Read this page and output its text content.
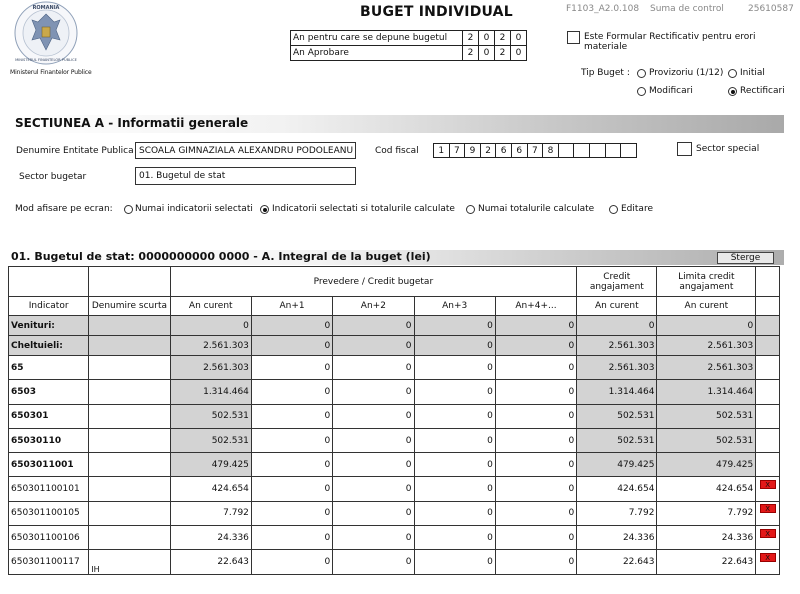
ROMANIA
MINISTERUL FINANTELOR PUBLICE
Ministerul Finantelor Publice
BUGET INDIVIDUAL	F1103_A2.0.108 Suma de control	25610587
An pentru care se depune bugetul	2	0	2	0
An Aprobare	2	0	2	0
Este Formular Rectificativ pentru erori materiale
Tip Buget : Provizoriu (1/12) Initial
Modificari	Rectificari
SECTIUNEA A - Informatii generale
Denumire Entitate Publica SCOALA GIMNAZIALA ALEXANDRU PODOLEANU	Cod fiscal 1	7	9	2	6	6	7	8						Sector special
Sector bugetar	01. Bugetul de stat
Mod afisare pe ecran: Numai indicatorii selectati Indicatorii selectati si totalurile calculate	Numai totalurile calculate	Editare
01. Bugetul de stat: 0000000000 0000 - A. Integral de la buget (lei)	Sterge
		Prevedere / Credit bugetar					Credit angajament	Limita credit angajament	
Indicator	Denumire scurta	An curent	An+1	An+2	An+3	An+4+...	An curent	An curent	
Venituri:		0	0	0	0	0	0	0	
Cheltuieli:		2.561.303	0	0	0	0	2.561.303	2.561.303	
65		2.561.303	0	0	0	0	2.561.303	2.561.303	
6503		1.314.464	0	0	0	0	1.314.464	1.314.464	
650301		502.531	0	0	0	0	502.531	502.531	
65030110		502.531	0	0	0	0	502.531	502.531	
6503011001		479.425	0	0	0	0	479.425	479.425	
650301100101		424.654	0	0	0	0	424.654	424.654	X
650301100105		7.792	0	0	0	0	7.792	7.792	X
650301100106		24.336	0	0	0	0	24.336	24.336	X
650301100117	IH	22.643	0	0	0	0	22.643	22.643	X
